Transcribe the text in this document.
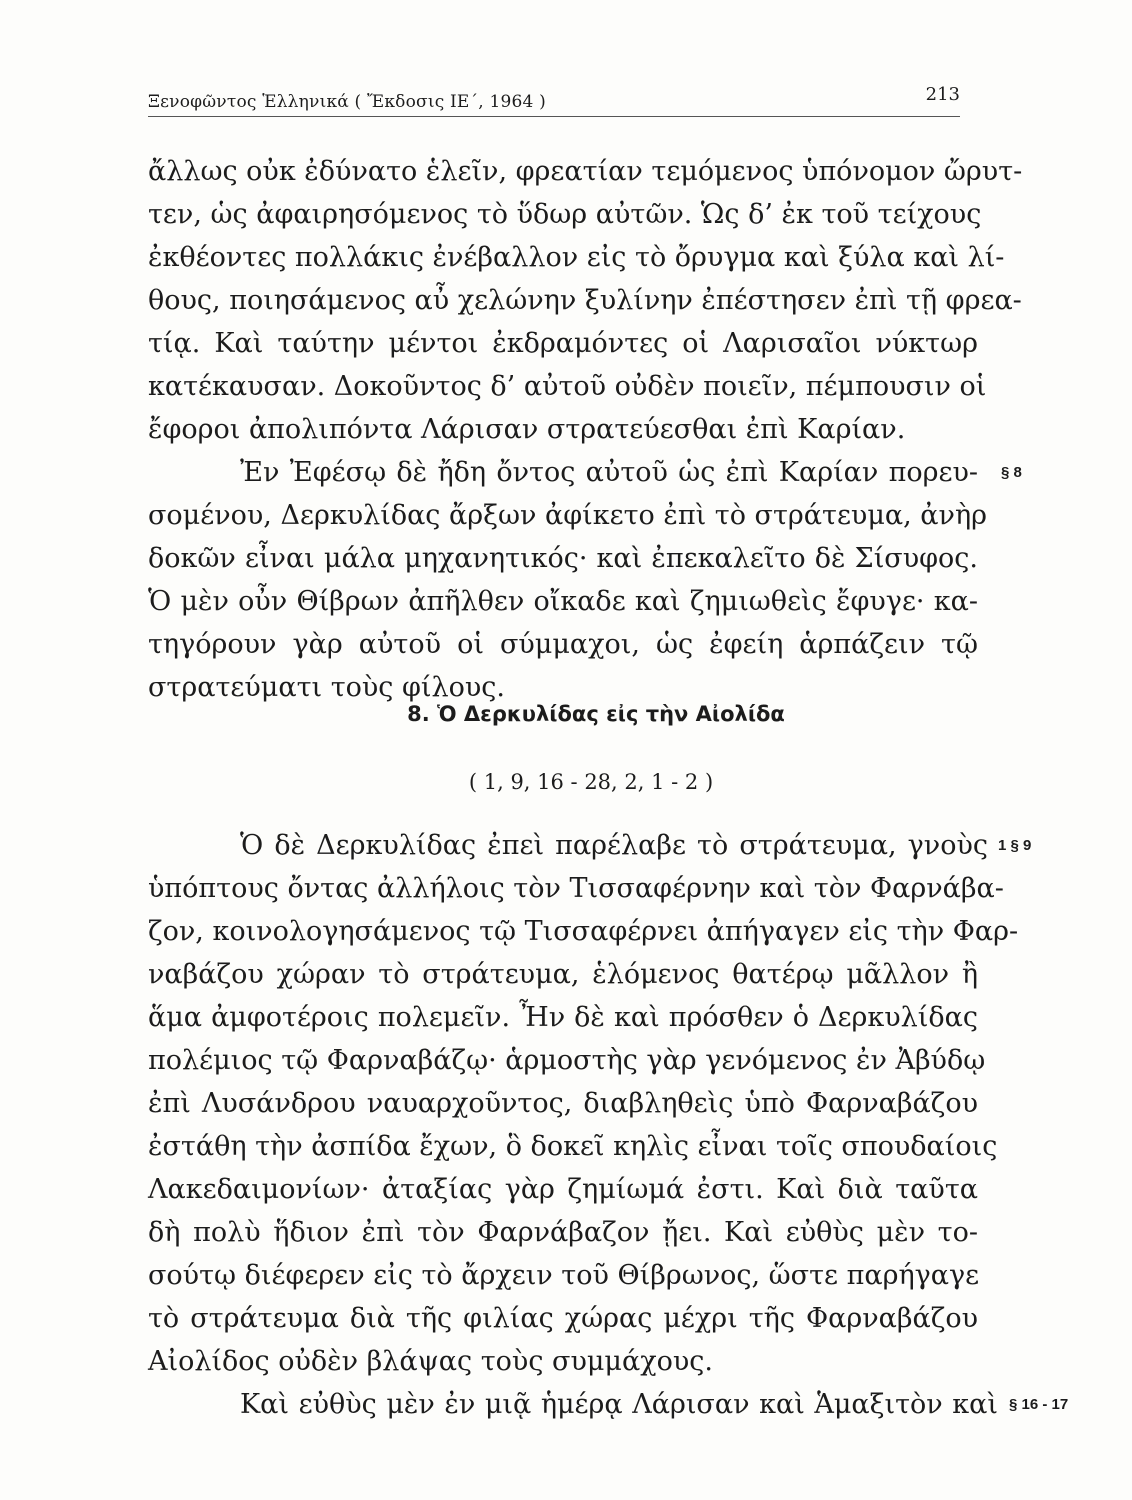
Ξενοφῶντος Ἑλληνικά ( Ἔκδοσις ΙΕ΄, 1964 )	213
ἄλλως οὐκ ἐδύνατο ἑλεῖν, φρεατίαν τεμόμενος ὑπόνομον ὤρυτ-
τεν, ὡς ἀφαιρησόμενος τὸ ὕδωρ αὐτῶν. Ὡς δ’ ἐκ τοῦ τείχους
ἐκθέοντες πολλάκις ἐνέβαλλον εἰς τὸ ὄρυγμα καὶ ξύλα καὶ λί-
θους, ποιησάμενος αὖ χελώνην ξυλίνην ἐπέστησεν ἐπὶ τῇ φρεα-
τίᾳ. Καὶ ταύτην μέντοι ἐκδραμόντες οἱ Λαρισαῖοι νύκτωρ
κατέκαυσαν. Δοκοῦντος δ’ αὐτοῦ οὐδὲν ποιεῖν, πέμπουσιν οἱ
ἔφοροι ἀπολιπόντα Λάρισαν στρατεύεσθαι ἐπὶ Καρίαν.
Ἐν Ἐφέσῳ δὲ ἤδη ὄντος αὐτοῦ ὡς ἐπὶ Καρίαν πορευ- § 8
σομένου, Δερκυλίδας ἄρξων ἀφίκετο ἐπὶ τὸ στράτευμα, ἀνὴρ
δοκῶν εἶναι μάλα μηχανητικός· καὶ ἐπεκαλεῖτο δὲ Σίσυφος.
Ὁ μὲν οὖν Θίβρων ἀπῆλθεν οἴκαδε καὶ ζημιωθεὶς ἔφυγε· κα-
τηγόρουν γὰρ αὐτοῦ οἱ σύμμαχοι, ὡς ἐφείη ἁρπάζειν τῷ
στρατεύματι τοὺς φίλους.
8. Ὁ Δερκυλίδας εἰς τὴν Αἰολίδα
( 1, 9, 16 - 28, 2, 1 - 2 )
Ὁ δὲ Δερκυλίδας ἐπεὶ παρέλαβε τὸ στράτευμα, γνοὺς 1 § 9
ὑπόπτους ὄντας ἀλλήλοις τὸν Τισσαφέρνην καὶ τὸν Φαρνάβα-
ζον, κοινολογησάμενος τῷ Τισσαφέρνει ἀπήγαγεν εἰς τὴν Φαρ-
ναβάζου χώραν τὸ στράτευμα, ἑλόμενος θατέρῳ μᾶλλον ἢ
ἅμα ἀμφοτέροις πολεμεῖν. Ἦν δὲ καὶ πρόσθεν ὁ Δερκυλίδας
πολέμιος τῷ Φαρναβάζῳ· ἁρμοστὴς γὰρ γενόμενος ἐν Ἀβύδῳ
ἐπὶ Λυσάνδρου ναυαρχοῦντος, διαβληθεὶς ὑπὸ Φαρναβάζου
ἐστάθη τὴν ἀσπίδα ἔχων, ὃ δοκεῖ κηλὶς εἶναι τοῖς σπουδαίοις
Λακεδαιμονίων· ἀταξίας γὰρ ζημίωμά ἐστι. Καὶ διὰ ταῦτα
δὴ πολὺ ἥδιον ἐπὶ τὸν Φαρνάβαζον ᾔει. Καὶ εὐθὺς μὲν το-
σούτῳ διέφερεν εἰς τὸ ἄρχειν τοῦ Θίβρωνος, ὥστε παρήγαγε
τὸ στράτευμα διὰ τῆς φιλίας χώρας μέχρι τῆς Φαρναβάζου
Αἰολίδος οὐδὲν βλάψας τοὺς συμμάχους.
Καὶ εὐθὺς μὲν ἐν μιᾷ ἡμέρᾳ Λάρισαν καὶ Ἁμαξιτὸν καὶ § 16 - 17
